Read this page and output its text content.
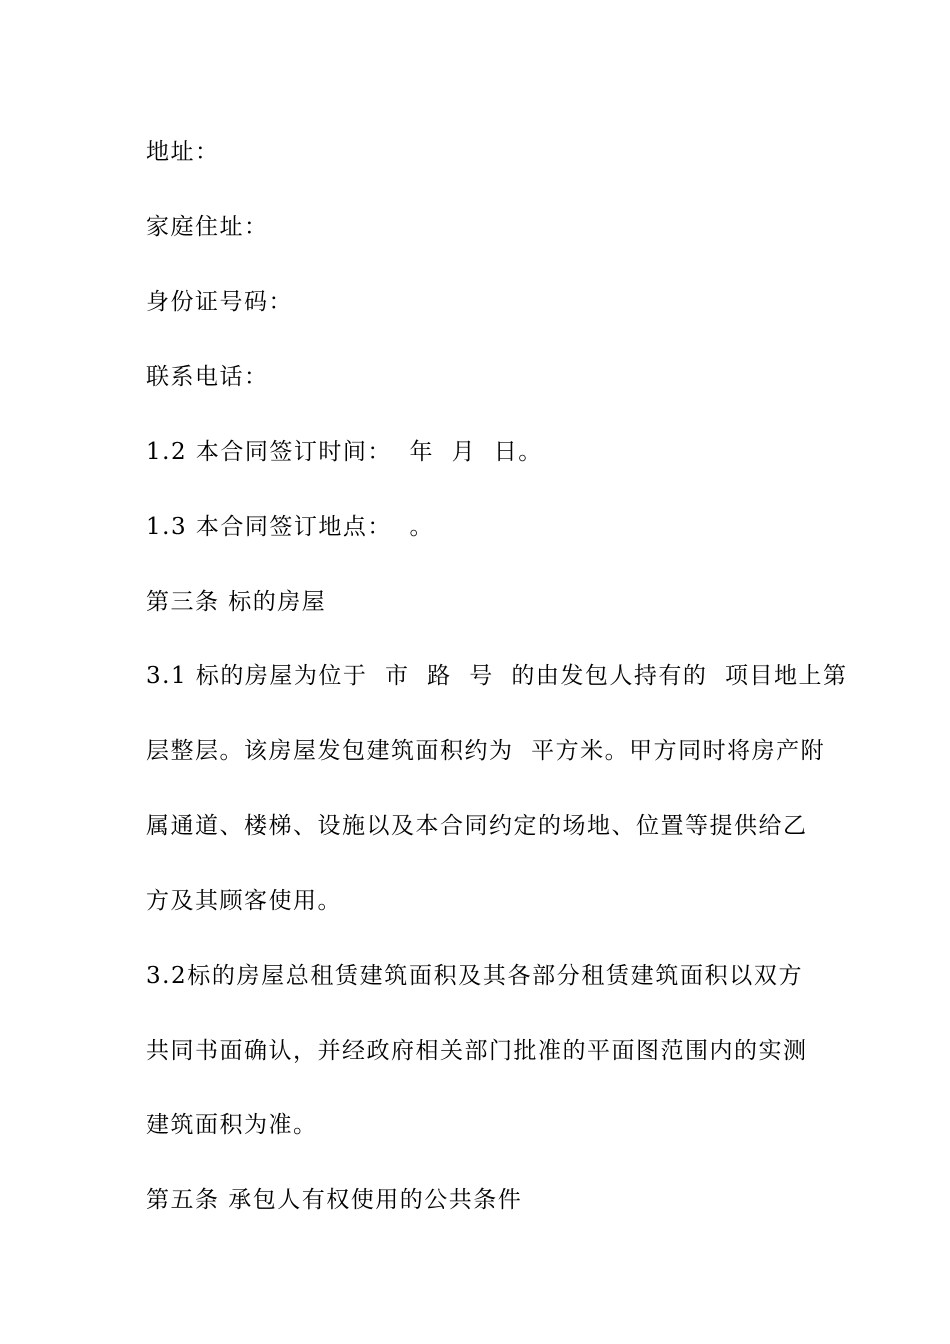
地址：
家庭住址：
身份证号码：
联系电话：
1.2 本合同签订时间：  年  月  日。
1.3 本合同签订地点：  。
第三条 标的房屋
3.1 标的房屋为位于  市  路  号  的由发包人持有的  项目地上第
层整层。该房屋发包建筑面积约为  平方米。甲方同时将房产附
属通道、楼梯、设施以及本合同约定的场地、位置等提供给乙
方及其顾客使用。
3.2标的房屋总租赁建筑面积及其各部分租赁建筑面积以双方
共同书面确认，并经政府相关部门批准的平面图范围内的实测
建筑面积为准。
第五条 承包人有权使用的公共条件
